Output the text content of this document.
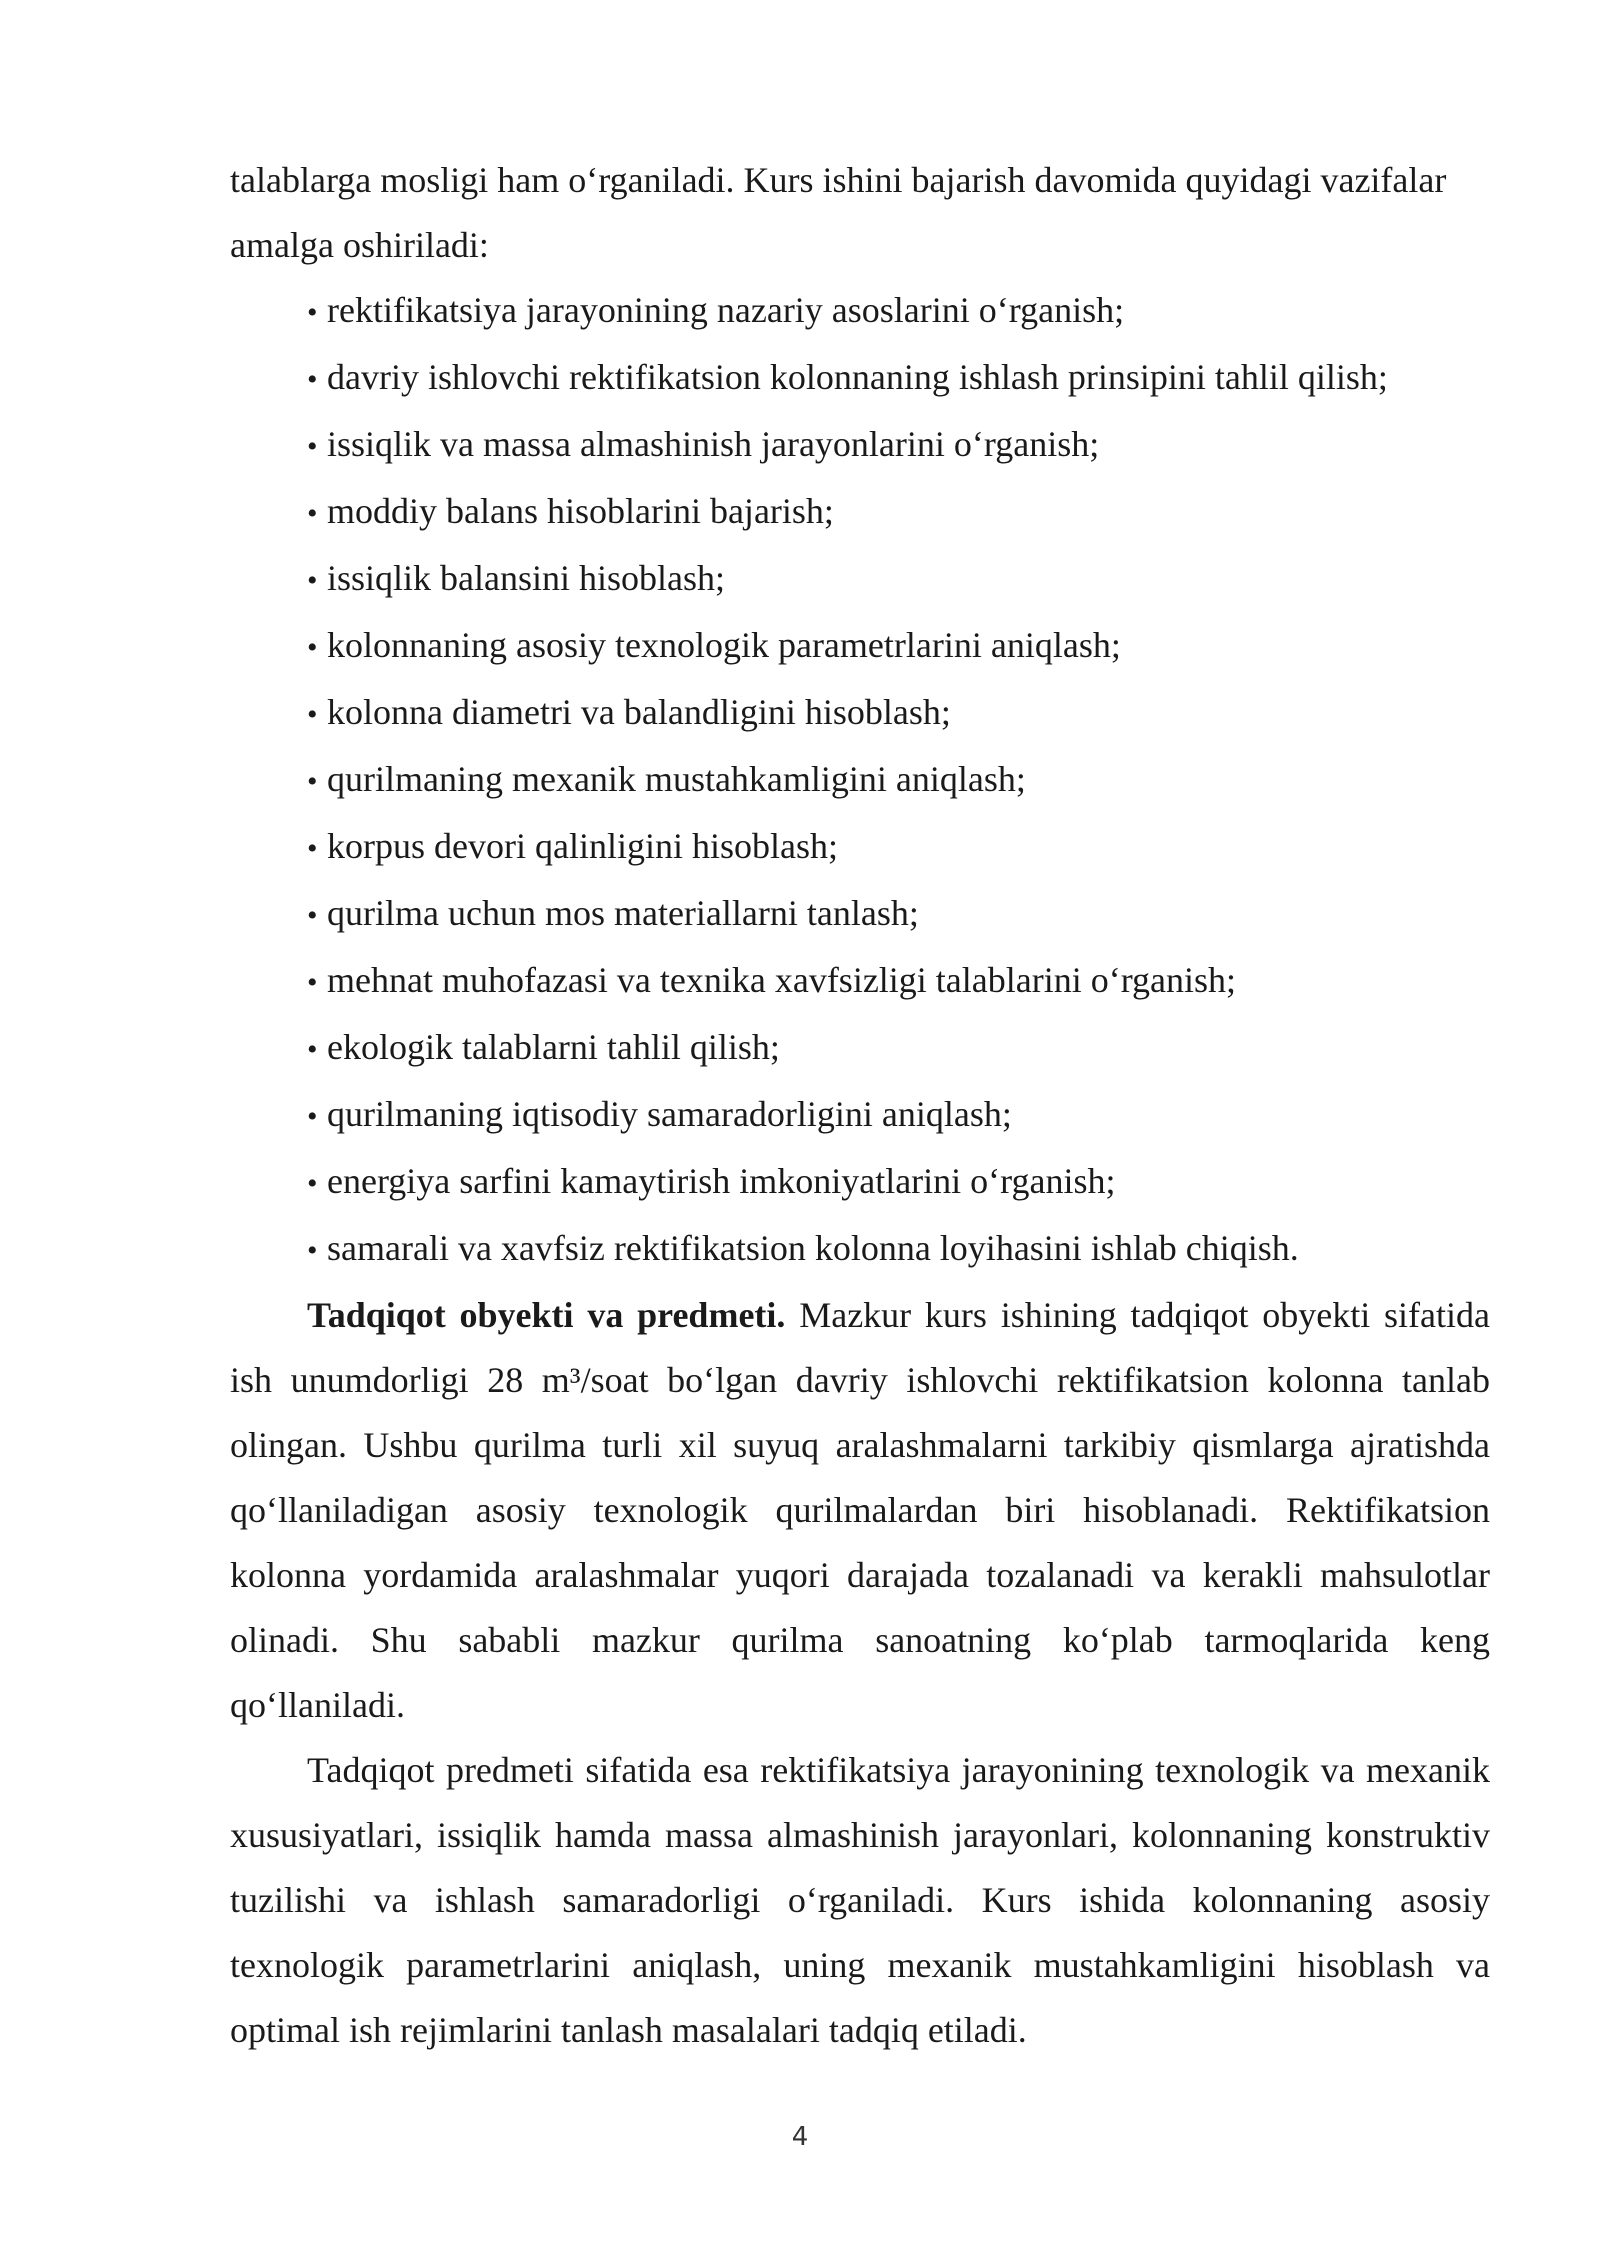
talablarga mosligi ham o‘rganiladi. Kurs ishini bajarish davomida quyidagi vazifalar
amalga oshiriladi:

• rektifikatsiya jarayonining nazariy asoslarini o‘rganish;
• davriy ishlovchi rektifikatsion kolonnaning ishlash prinsipini tahlil qilish;
• issiqlik va massa almashinish jarayonlarini o‘rganish;
• moddiy balans hisoblarini bajarish;
• issiqlik balansini hisoblash;
• kolonnaning asosiy texnologik parametrlarini aniqlash;
• kolonna diametri va balandligini hisoblash;
• qurilmaning mexanik mustahkamligini aniqlash;
• korpus devori qalinligini hisoblash;
• qurilma uchun mos materiallarni tanlash;
• mehnat muhofazasi va texnika xavfsizligi talablarini o‘rganish;
• ekologik talablarni tahlil qilish;
• qurilmaning iqtisodiy samaradorligini aniqlash;
• energiya sarfini kamaytirish imkoniyatlarini o‘rganish;
• samarali va xavfsiz rektifikatsion kolonna loyihasini ishlab chiqish.

Tadqiqot obyekti va predmeti. Mazkur kurs ishining tadqiqot obyekti sifatida ish unumdorligi 28 m³/soat bo‘lgan davriy ishlovchi rektifikatsion kolonna tanlab olingan. Ushbu qurilma turli xil suyuq aralashmalarni tarkibiy qismlarga ajratishda qo‘llaniladigan asosiy texnologik qurilmalardan biri hisoblanadi. Rektifikatsion kolonna yordamida aralashmalar yuqori darajada tozalanadi va kerakli mahsulotlar olinadi. Shu sababli mazkur qurilma sanoatning ko‘plab tarmoqlarida keng qo‘llaniladi.

Tadqiqot predmeti sifatida esa rektifikatsiya jarayonining texnologik va mexanik xususiyatlari, issiqlik hamda massa almashinish jarayonlari, kolonnaning konstruktiv tuzilishi va ishlash samaradorligi o‘rganiladi. Kurs ishida kolonnaning asosiy texnologik parametrlarini aniqlash, uning mexanik mustahkamligini hisoblash va optimal ish rejimlarini tanlash masalalari tadqiq etiladi.

4
